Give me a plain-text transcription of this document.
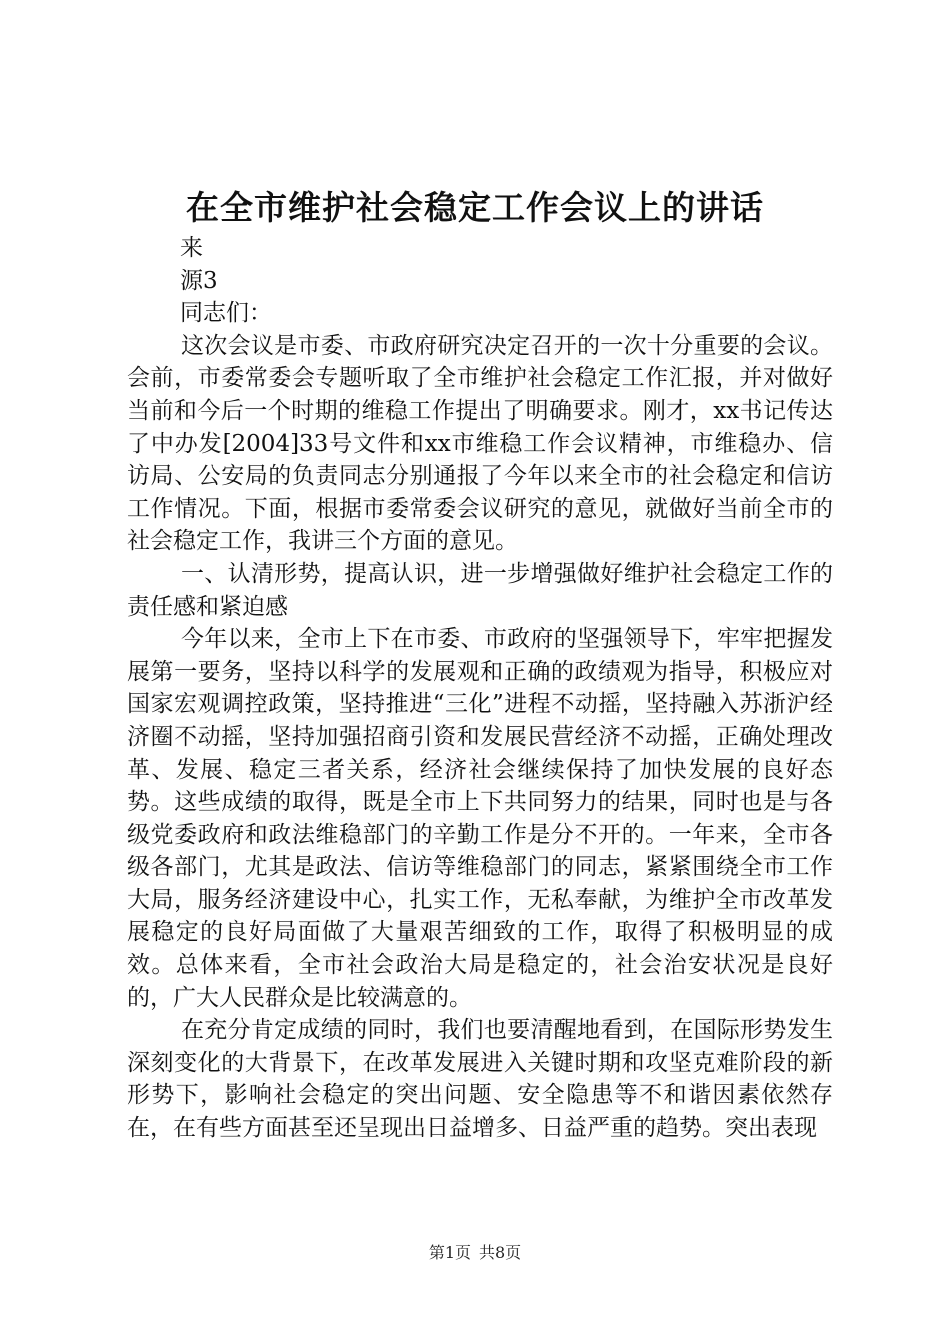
在全市维护社会稳定工作会议上的讲话

来

源3

同志们：

这次会议是市委、市政府研究决定召开的一次十分重要的会议。会前，市委常委会专题听取了全市维护社会稳定工作汇报，并对做好当前和今后一个时期的维稳工作提出了明确要求。刚才，xx书记传达了中办发[2004]33号文件和xx市维稳工作会议精神，市维稳办、信访局、公安局的负责同志分别通报了今年以来全市的社会稳定和信访工作情况。下面，根据市委常委会议研究的意见，就做好当前全市的社会稳定工作，我讲三个方面的意见。

一、认清形势，提高认识，进一步增强做好维护社会稳定工作的责任感和紧迫感

今年以来，全市上下在市委、市政府的坚强领导下，牢牢把握发展第一要务，坚持以科学的发展观和正确的政绩观为指导，积极应对国家宏观调控政策，坚持推进“三化”进程不动摇，坚持融入苏浙沪经济圈不动摇，坚持加强招商引资和发展民营经济不动摇，正确处理改革、发展、稳定三者关系，经济社会继续保持了加快发展的良好态势。这些成绩的取得，既是全市上下共同努力的结果，同时也是与各级党委政府和政法维稳部门的辛勤工作是分不开的。一年来，全市各级各部门，尤其是政法、信访等维稳部门的同志，紧紧围绕全市工作大局，服务经济建设中心，扎实工作，无私奉献，为维护全市改革发展稳定的良好局面做了大量艰苦细致的工作，取得了积极明显的成效。总体来看，全市社会政治大局是稳定的，社会治安状况是良好的，广大人民群众是比较满意的。

在充分肯定成绩的同时，我们也要清醒地看到，在国际形势发生深刻变化的大背景下，在改革发展进入关键时期和攻坚克难阶段的新形势下，影响社会稳定的突出问题、安全隐患等不和谐因素依然存在，在有些方面甚至还呈现出日益增多、日益严重的趋势。突出表现

第1页 共8页
